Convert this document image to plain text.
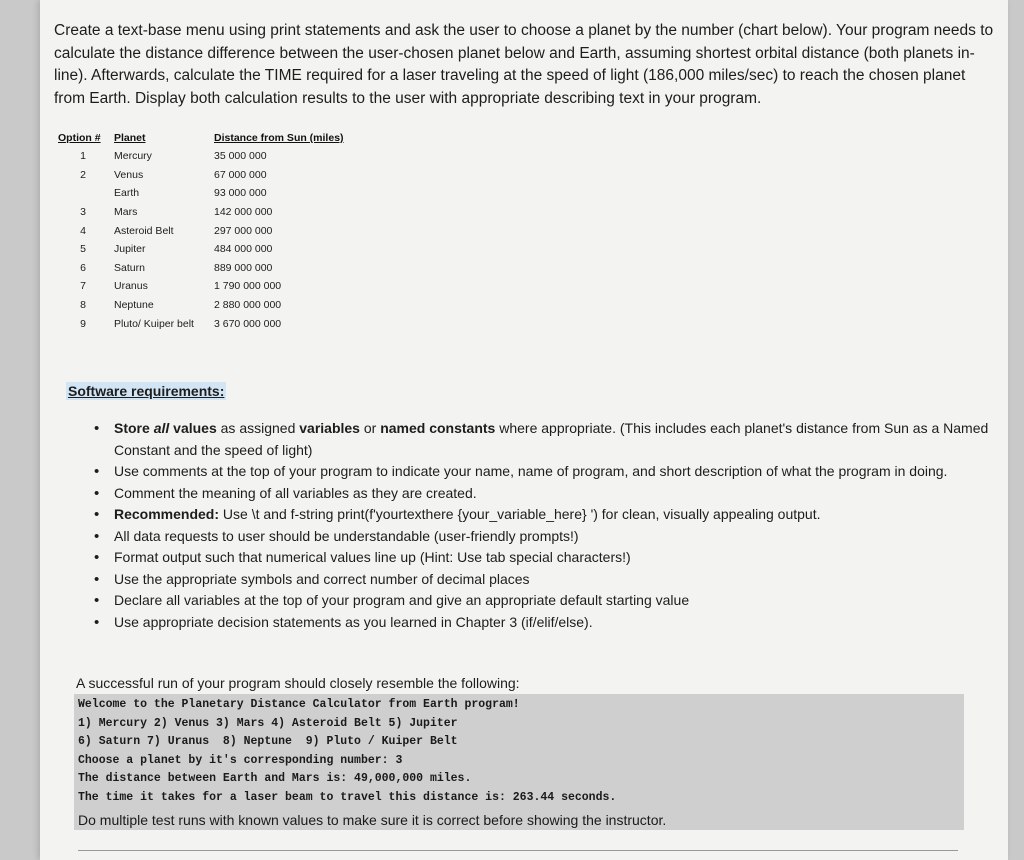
Create a text-base menu using print statements and ask the user to choose a planet by the number (chart below). Your program needs to calculate the distance difference between the user-chosen planet below and Earth, assuming shortest orbital distance (both planets in-line). Afterwards, calculate the TIME required for a laser traveling at the speed of light (186,000 miles/sec) to reach the chosen planet from Earth. Display both calculation results to the user with appropriate describing text in your program.
Option #	Planet	Distance from Sun (miles)
1	Mercury	35 000 000
2	Venus	67 000 000
	Earth	93 000 000
3	Mars	142 000 000
4	Asteroid Belt	297 000 000
5	Jupiter	484 000 000
6	Saturn	889 000 000
7	Uranus	1 790 000 000
8	Neptune	2 880 000 000
9	Pluto/ Kuiper belt	3 670 000 000
Software requirements:
• Store all values as assigned variables or named constants where appropriate. (This includes each planet's distance from Sun as a Named Constant and the speed of light)
• Use comments at the top of your program to indicate your name, name of program, and short description of what the program in doing.
• Comment the meaning of all variables as they are created.
• Recommended: Use \t and f-string print(f'yourtexthere {your_variable_here} ') for clean, visually appealing output.
• All data requests to user should be understandable (user-friendly prompts!)
• Format output such that numerical values line up (Hint: Use tab special characters!)
• Use the appropriate symbols and correct number of decimal places
• Declare all variables at the top of your program and give an appropriate default starting value
• Use appropriate decision statements as you learned in Chapter 3 (if/elif/else).
A successful run of your program should closely resemble the following:
Welcome to the Planetary Distance Calculator from Earth program!
1) Mercury 2) Venus 3) Mars 4) Asteroid Belt 5) Jupiter
6) Saturn 7) Uranus  8) Neptune  9) Pluto / Kuiper Belt
Choose a planet by it's corresponding number: 3
The distance between Earth and Mars is: 49,000,000 miles.
The time it takes for a laser beam to travel this distance is: 263.44 seconds.
Do multiple test runs with known values to make sure it is correct before showing the instructor.
